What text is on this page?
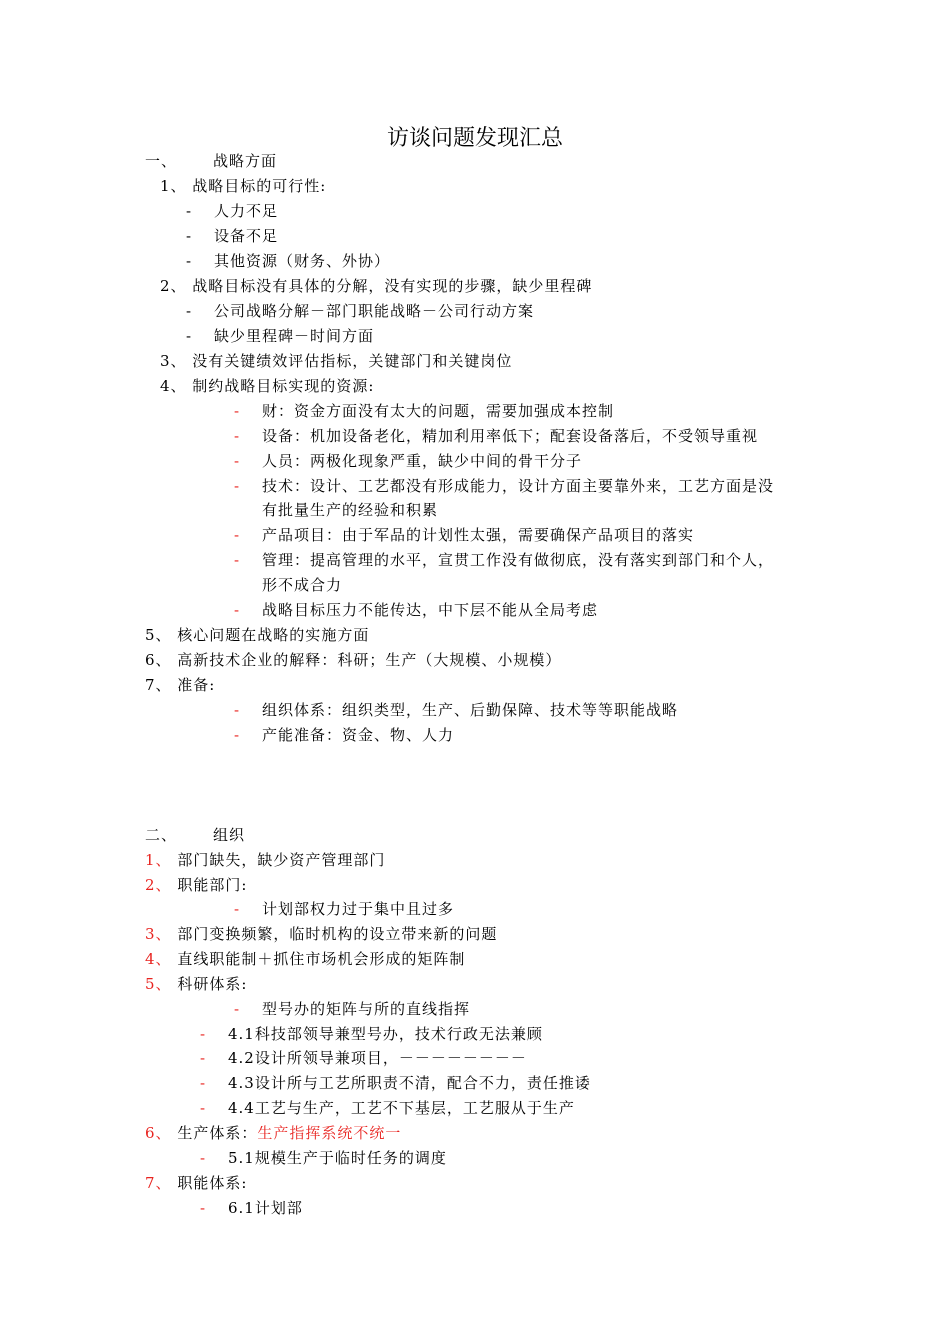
访谈问题发现汇总
一、 战略方面
1、 战略目标的可行性:
- 人力不足
- 设备不足
- 其他资源（财务、外协）
2、 战略目标没有具体的分解，没有实现的步骤，缺少里程碑
- 公司战略分解－部门职能战略－公司行动方案
- 缺少里程碑－时间方面
3、 没有关键绩效评估指标，关键部门和关键岗位
4、 制约战略目标实现的资源:
- 财：资金方面没有太大的问题，需要加强成本控制
- 设备：机加设备老化，精加利用率低下；配套设备落后，不受领导重视
- 人员：两极化现象严重，缺少中间的骨干分子
- 技术：设计、工艺都没有形成能力，设计方面主要靠外来，工艺方面是没
有批量生产的经验和积累
- 产品项目：由于军品的计划性太强，需要确保产品项目的落实
- 管理：提高管理的水平，宣贯工作没有做彻底，没有落实到部门和个人，
形不成合力
- 战略目标压力不能传达，中下层不能从全局考虑
5、 核心问题在战略的实施方面
6、 高新技术企业的解释：科研；生产（大规模、小规模）
7、 准备:
- 组织体系：组织类型，生产、后勤保障、技术等等职能战略
- 产能准备：资金、物、人力
二、 组织
1、 部门缺失，缺少资产管理部门
2、 职能部门:
- 计划部权力过于集中且过多
3、 部门变换频繁，临时机构的设立带来新的问题
4、 直线职能制＋抓住市场机会形成的矩阵制
5、 科研体系:
- 型号办的矩阵与所的直线指挥
- 4.1科技部领导兼型号办，技术行政无法兼顾
- 4.2设计所领导兼项目，－－－－－－－－
- 4.3设计所与工艺所职责不清，配合不力，责任推诿
- 4.4工艺与生产，工艺不下基层，工艺服从于生产
6、 生产体系：生产指挥系统不统一
- 5.1规模生产于临时任务的调度
7、 职能体系:
- 6.1计划部
